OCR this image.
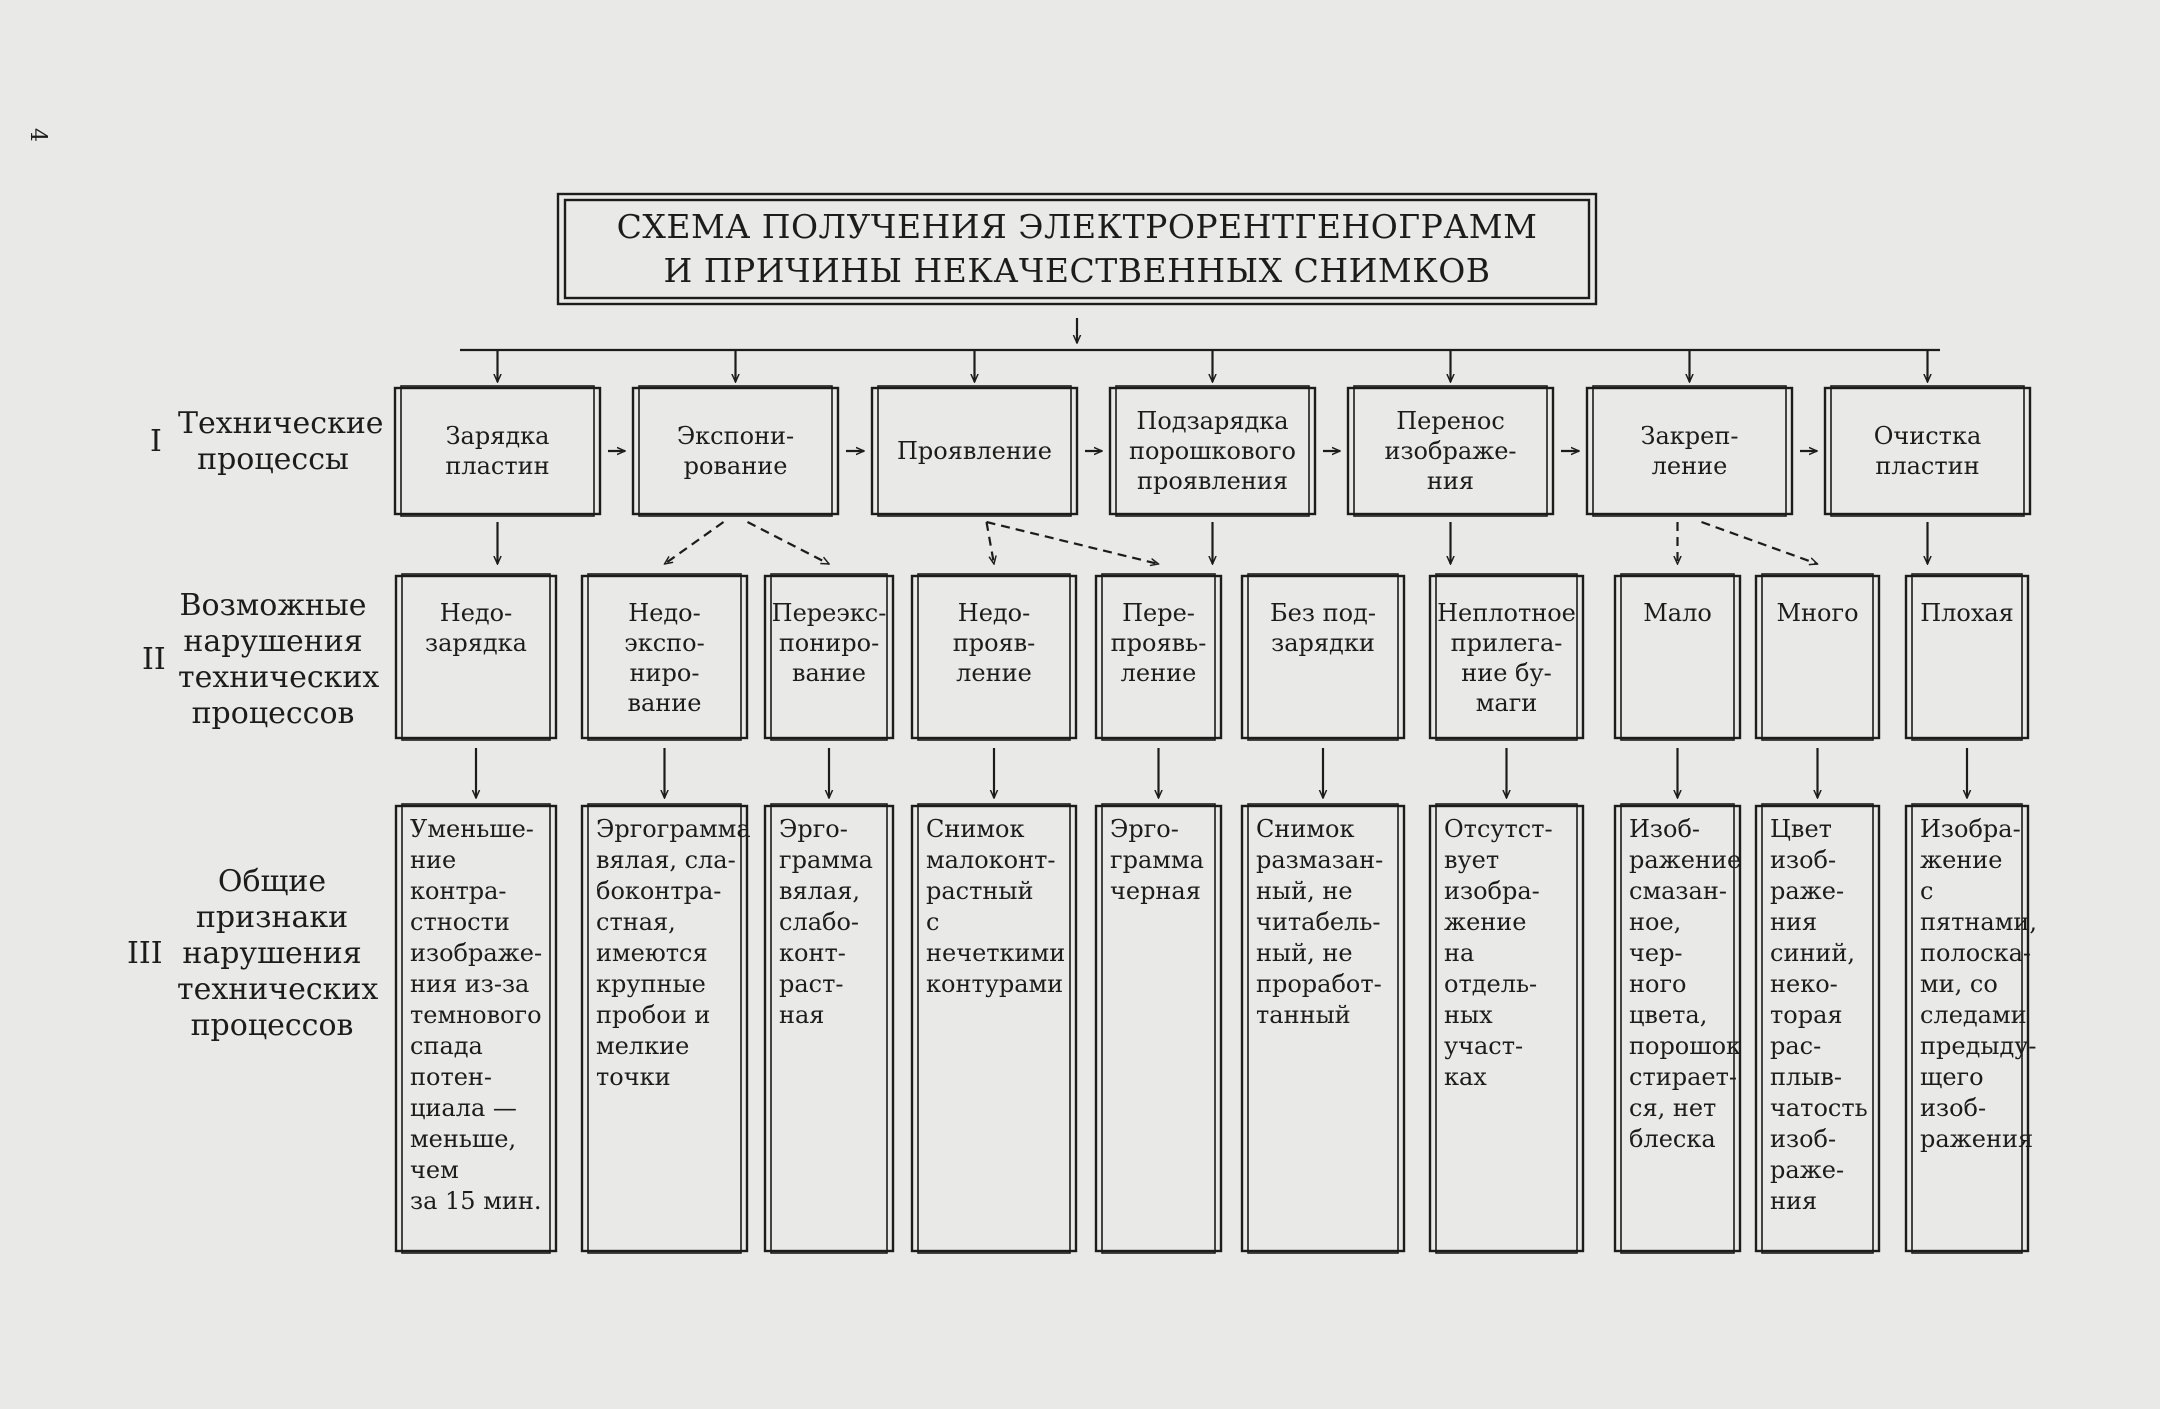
4
СХЕМА ПОЛУЧЕНИЯ ЭЛЕКТРОРЕНТГЕНОГРАММ
И ПРИЧИНЫ НЕКАЧЕСТВЕННЫХ СНИМКОВ
I
Технические
процессы
II
Возможные
нарушения
технических
процессов
III
Общие
признаки
нарушения
технических
процессов
Зарядка
пластин
Экспони-
рование
Проявление
Подзарядка
порошкового
проявления
Перенос
изображе-
ния
Закреп-
ление
Очистка
пластин
Недо-
зарядка
Уменьше-
ние контра-
стности
изображе-
ния из-за
темнового
спада потен-
циала —
меньше, чем
за 15 мин.
Недо-
экспо-
ниро-
вание
Эргограмма
вялая, сла-
боконтра-
стная,
имеются
крупные
пробои и
мелкие
точки
Переэкс-
пониро-
вание
Эрго-
грамма
вялая,
слабо-
конт-
раст-
ная
Недо-
прояв-
ление
Снимок
малоконт-
растный
с нечеткими
контурами
Пере-
проявь-
ление
Эрго-
грамма
черная
Без под-
зарядки
Снимок
размазан-
ный, не
читабель-
ный, не
проработ-
танный
Неплотное
прилега-
ние бу-
маги
Отсутст-
вует
изобра-
жение
на отдель-
ных участ-
ках
Мало
Изоб-
ражение
смазан-
ное, чер-
ного
цвета,
порошок
стирает-
ся, нет
блеска
Много
Цвет
изоб-
раже-
ния
синий,
неко-
торая
рас-
плыв-
чатость
изоб-
раже-
ния
Плохая
Изобра-
жение с
пятнами,
полоска-
ми, со
следами
предыду-
щего
изоб-
ражения
